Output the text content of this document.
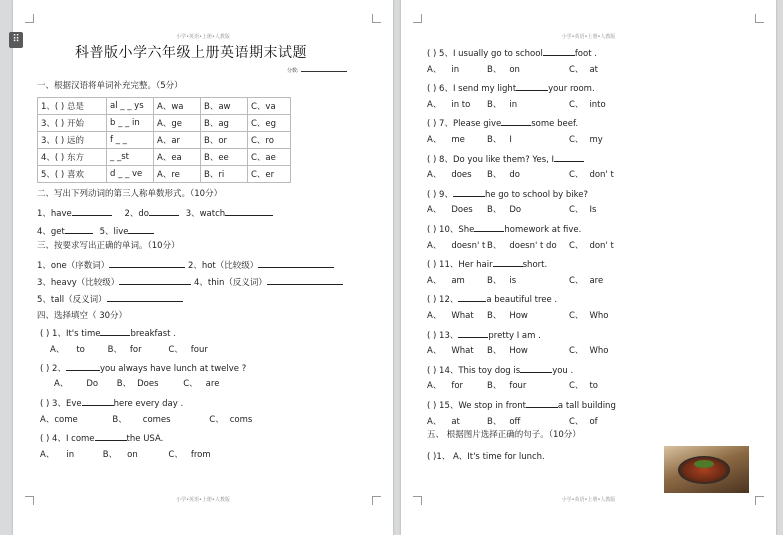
⠿	小学•英语•上册•人教版
小学•英语•上册•人教版
科普版小学六年级上册英语期末试题
分数:
一、根据汉语将单词补充完整。（5分）
1、( ) 总是	al _ _ ys	A、wa	B、aw	C、va
3、( ) 开始	b _ _ in	A、ge	B、ag	C、eg
3、( ) 远的	f _ _	A、ar	B、or	C、ro
4、( ) 东方	_ _st	A、ea	B、ee	C、ae
5、( ) 喜欢	d _ _ ve	A、re	B、ri	C、er
二、写出下列动词的第三人称单数形式。（10分）
1、have	2、do	3、watch
4、get	5、live
三、按要求写出正确的单词。（10分）
1、one（序数词）	2、hot（比较级）
3、heavy（比较级）	4、thin（反义词）
5、tall（反义词）
四、选择填空（ 30分）
( ) 1、It's time	breakfast .
A、 to	B、 for	C、 four
( ) 2、	you always have lunch at twelve ?
A、 Do B、 Does	C、 are
( ) 3、Eve	here every day .
A、come	B、 comes	C、 coms
( ) 4、I come	the USA.
A、 in	B、 on	C、 from
小学•英语•上册•人教版
小学•英语•上册•人教版
( ) 5、I usually go to school	foot .
A、 in	B、 on	C、 at
( ) 6、I send my light	your room.
A、 in to B、 in	C、 into
( ) 7、Please give	some beef.
A、 me	B、 I	C、 my
( ) 8、Do you like them? Yes, I
A、 does B、 do	C、 don' t
( ) 9、	he go to school by bike?
A、 Does B、 Do	C、 Is
( ) 10、She	homework at five.
A、 doesn' t B、 doesn' t do C、 don' t
( ) 11、Her hair	short.
A、 am	B、 is	C、 are
( ) 12、	a beautiful tree .
A、 What B、 How	C、 Who
( ) 13、	pretty I am .
A、 What B、 How	C、 Who
( ) 14、This toy dog is	you .
A、 for	B、 four	C、 to
( ) 15、We stop in front	a tall building
A、 at	B、 off	C、 of
五、 根据图片选择正确的句子。（10分）
( )1、 A、It's time for lunch.
